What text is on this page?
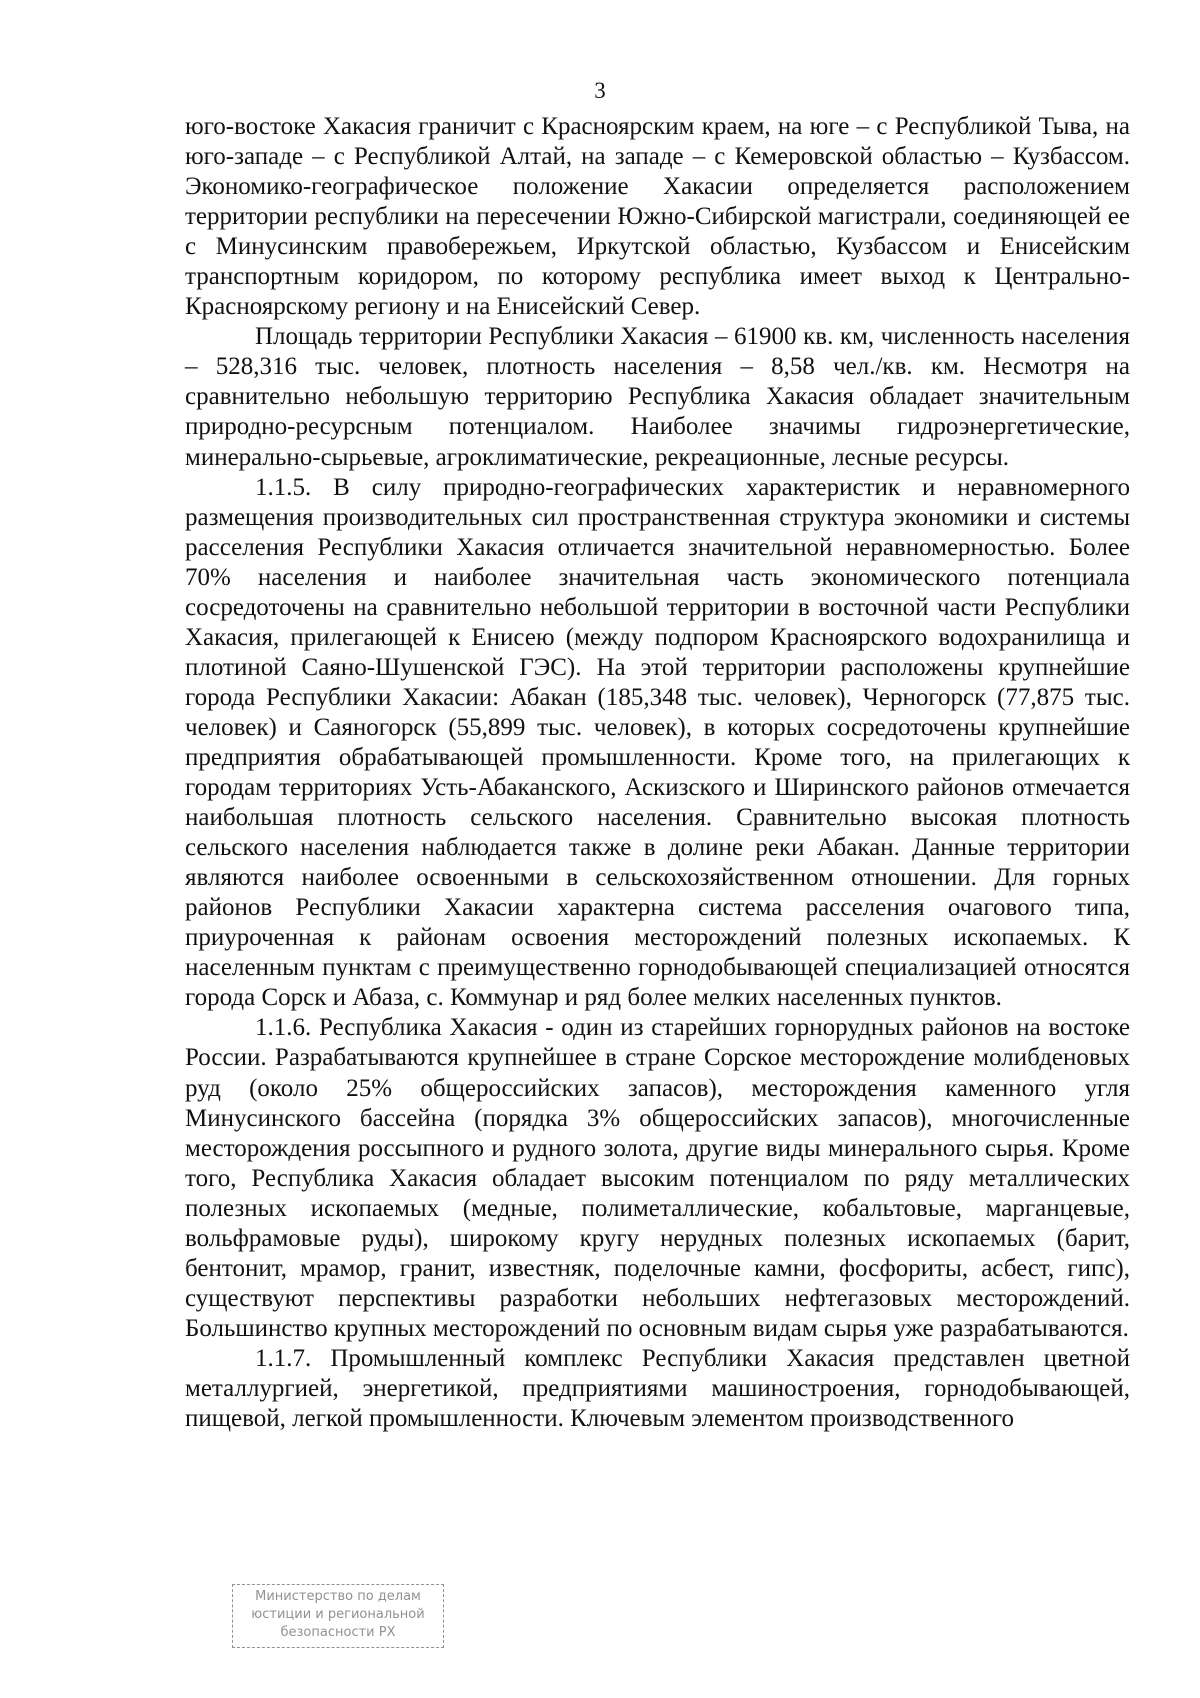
3

юго-востоке Хакасия граничит с Красноярским краем, на юге – с Республикой Тыва, на юго-западе – с Республикой Алтай, на западе – с Кемеровской областью – Кузбассом. Экономико-географическое положение Хакасии определяется расположением территории республики на пересечении Южно-Сибирской магистрали, соединяющей ее с Минусинским правобережьем, Иркутской областью, Кузбассом и Енисейским транспортным коридором, по которому республика имеет выход к Центрально-Красноярскому региону и на Енисейский Север.

Площадь территории Республики Хакасия – 61900 кв. км, численность населения – 528,316 тыс. человек, плотность населения – 8,58 чел./кв. км. Несмотря на сравнительно небольшую территорию Республика Хакасия обладает значительным природно-ресурсным потенциалом. Наиболее значимы гидроэнергетические, минерально-сырьевые, агроклиматические, рекреационные, лесные ресурсы.

1.1.5. В силу природно-географических характеристик и неравномерного размещения производительных сил пространственная структура экономики и системы расселения Республики Хакасия отличается значительной неравномерностью. Более 70% населения и наиболее значительная часть экономического потенциала сосредоточены на сравнительно небольшой территории в восточной части Республики Хакасия, прилегающей к Енисею (между подпором Красноярского водохранилища и плотиной Саяно-Шушенской ГЭС). На этой территории расположены крупнейшие города Республики Хакасии: Абакан (185,348 тыс. человек), Черногорск (77,875 тыс. человек) и Саяногорск (55,899 тыс. человек), в которых сосредоточены крупнейшие предприятия обрабатывающей промышленности. Кроме того, на прилегающих к городам территориях Усть-Абаканского, Аскизского и Ширинского районов отмечается наибольшая плотность сельского населения. Сравнительно высокая плотность сельского населения наблюдается также в долине реки Абакан. Данные территории являются наиболее освоенными в сельскохозяйственном отношении. Для горных районов Республики Хакасии характерна система расселения очагового типа, приуроченная к районам освоения месторождений полезных ископаемых. К населенным пунктам с преимущественно горнодобывающей специализацией относятся города Сорск и Абаза, с. Коммунар и ряд более мелких населенных пунктов.

1.1.6. Республика Хакасия - один из старейших горнорудных районов на востоке России. Разрабатываются крупнейшее в стране Сорское месторождение молибденовых руд (около 25% общероссийских запасов), месторождения каменного угля Минусинского бассейна (порядка 3% общероссийских запасов), многочисленные месторождения россыпного и рудного золота, другие виды минерального сырья. Кроме того, Республика Хакасия обладает высоким потенциалом по ряду металлических полезных ископаемых (медные, полиметаллические, кобальтовые, марганцевые, вольфрамовые руды), широкому кругу нерудных полезных ископаемых (барит, бентонит, мрамор, гранит, известняк, поделочные камни, фосфориты, асбест, гипс), существуют перспективы разработки небольших нефтегазовых месторождений. Большинство крупных месторождений по основным видам сырья уже разрабатываются.

1.1.7. Промышленный комплекс Республики Хакасия представлен цветной металлургией, энергетикой, предприятиями машиностроения, горнодобывающей, пищевой, легкой промышленности. Ключевым элементом производственного

Министерство по делам
юстиции и региональной
безопасности РХ
